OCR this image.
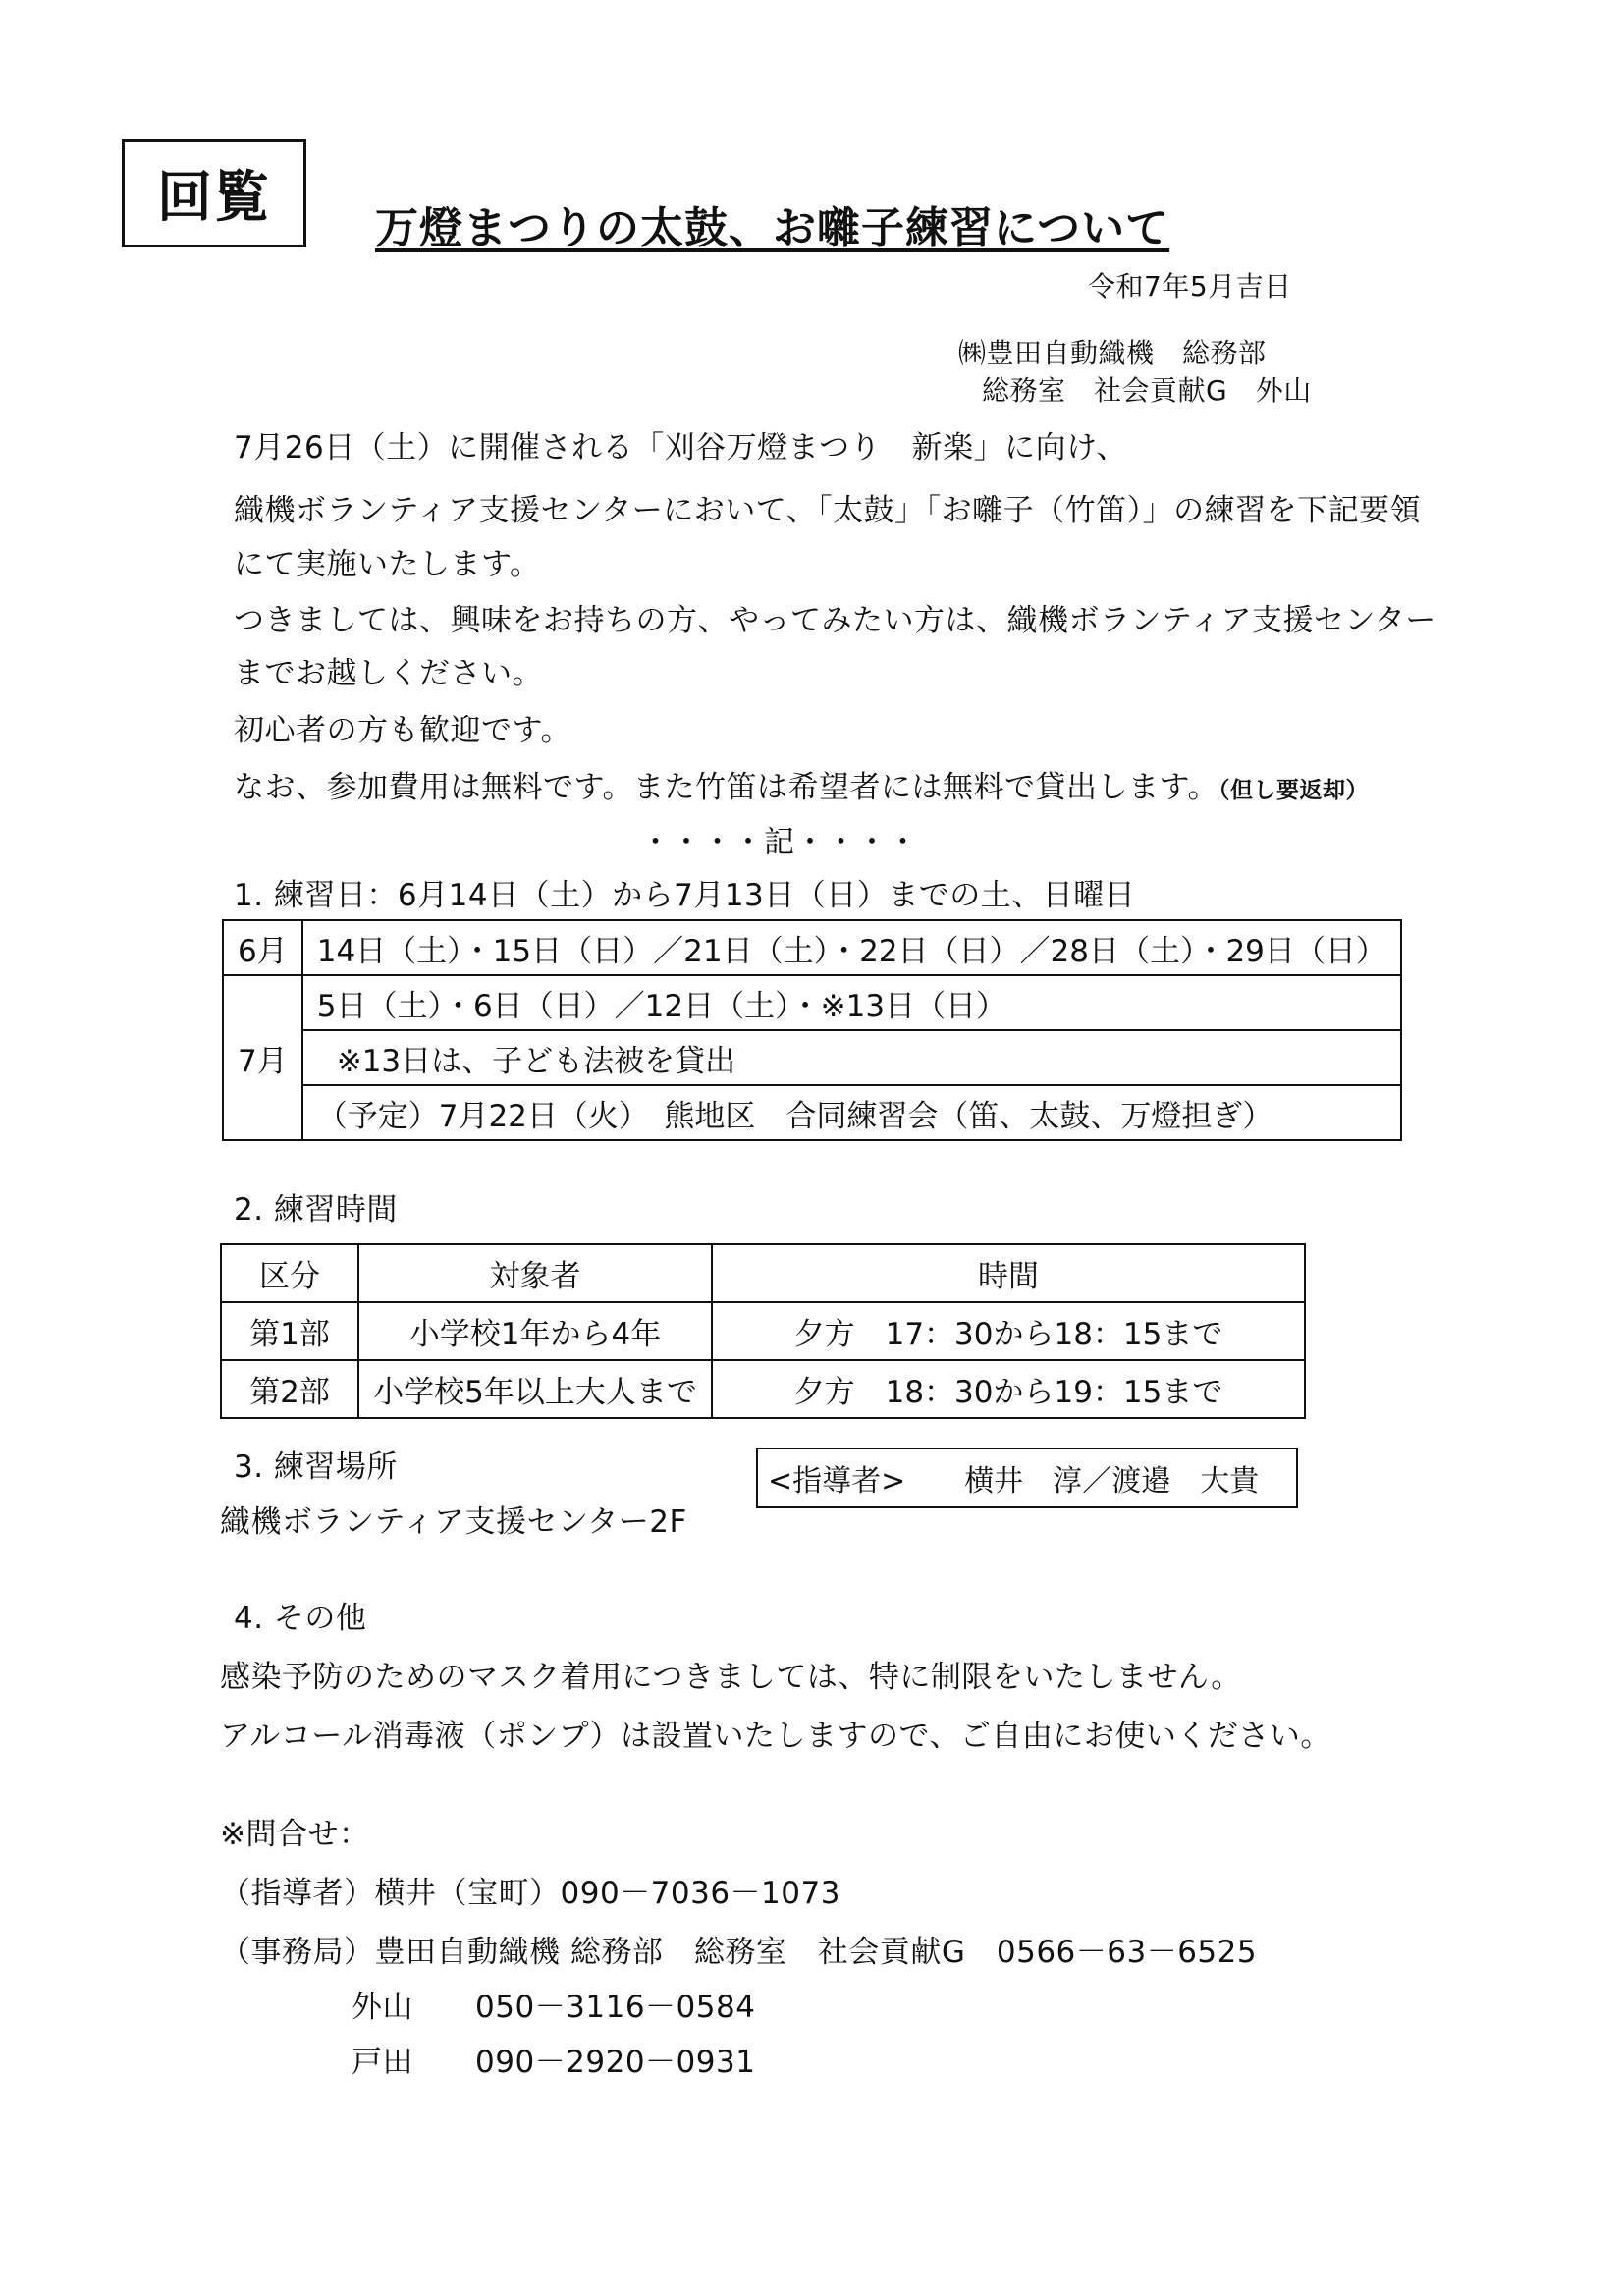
回覧	万燈まつりの太鼓、お囃子練習について
令和7年5月吉日
㈱豊田自動織機　総務部
総務室　社会貢献G　外山
7月26日（土）に開催される「刈谷万燈まつり　新楽」に向け、
織機ボランティア支援センターにおいて、「太鼓」「お囃子（竹笛）」の練習を下記要領
にて実施いたします。
つきましては、興味をお持ちの方、やってみたい方は、織機ボランティア支援センター
までお越しください。
初心者の方も歓迎です。
なお、参加費用は無料です。また竹笛は希望者には無料で貸出します。（但し要返却）
・・・・記・・・・
1. 練習日：6月14日（土）から7月13日（日）までの土、日曜日
6月	14日（土）・15日（日）／21日（土）・22日（日）／28日（土）・29日（日）
7月	5日（土）・6日（日）／12日（土）・※13日（日）
	※13日は、子ども法被を貸出
	（予定）7月22日（火）　熊地区　合同練習会（笛、太鼓、万燈担ぎ）
2. 練習時間
区分	対象者	時間
第1部	小学校1年から4年	夕方　17：30から18：15まで
第2部	小学校5年以上大人まで	夕方　18：30から19：15まで
3. 練習場所
織機ボランティア支援センター2F
<指導者>　　横井　淳／渡邉　大貴
4. その他
感染予防のためのマスク着用につきましては、特に制限をいたしません。
アルコール消毒液（ポンプ）は設置いたしますので、ご自由にお使いください。
※問合せ：
（指導者）横井（宝町）090－7036－1073
（事務局）豊田自動織機 総務部　総務室　社会貢献G　0566－63－6525
外山　　050－3116－0584
戸田　　090－2920－0931
